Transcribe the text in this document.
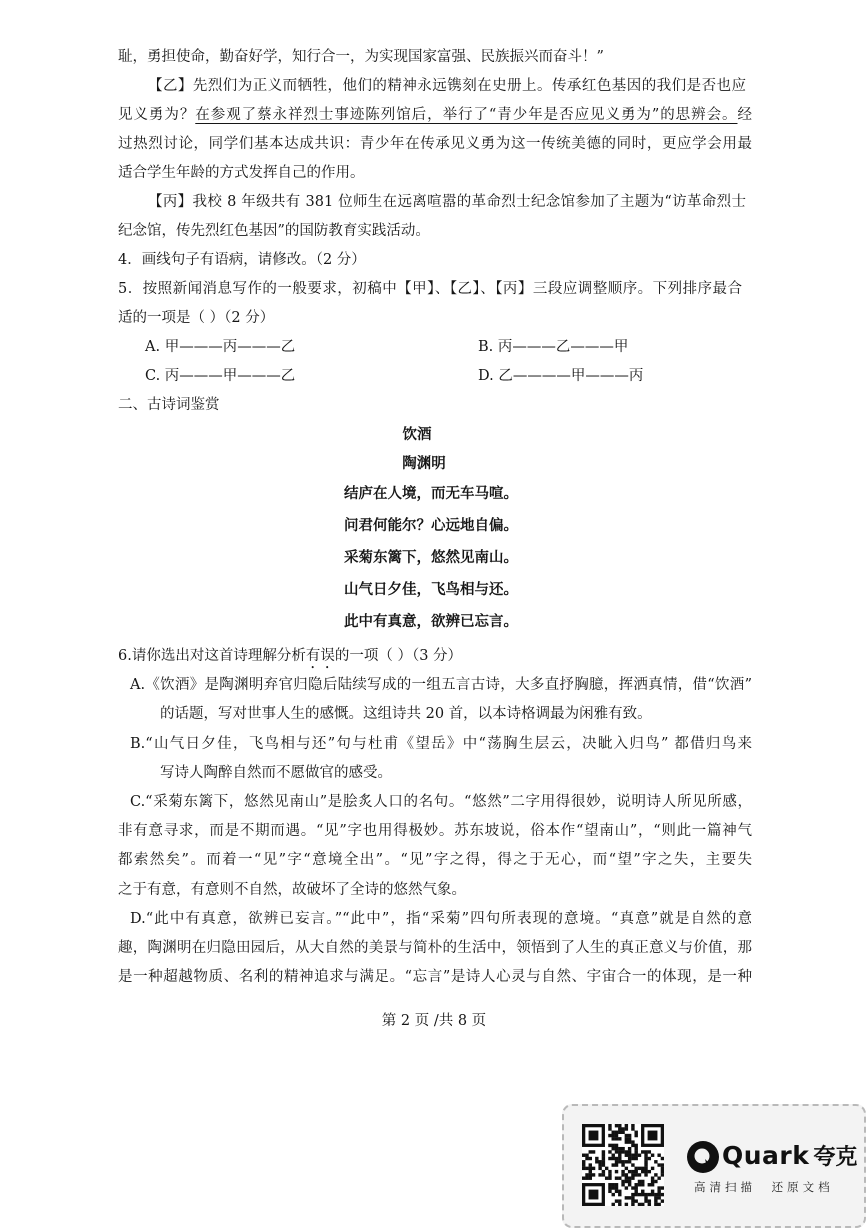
耻，勇担使命，勤奋好学，知行合一，为实现国家富强、民族振兴而奋斗！”
【乙】先烈们为正义而牺牲，他们的精神永远镌刻在史册上。传承红色基因的我们是否也应
见义勇为？在参观了蔡永祥烈士事迹陈列馆后，举行了“青少年是否应见义勇为”的思辨会。经
过热烈讨论，同学们基本达成共识：青少年在传承见义勇为这一传统美德的同时，更应学会用最
适合学生年龄的方式发挥自己的作用。
【丙】我校 8 年级共有 381 位师生在远离喧嚣的革命烈士纪念馆参加了主题为“访革命烈士
纪念馆，传先烈红色基因”的国防教育实践活动。
4．画线句子有语病，请修改。（2 分）
5．按照新闻消息写作的一般要求，初稿中【甲】、【乙】、【丙】三段应调整顺序。下列排序最合
适的一项是（ ）（2 分）
A. 甲———丙———乙	B. 丙———乙———甲
C. 丙———甲———乙	D. 乙————甲———丙
二、古诗词鉴赏
饮酒
陶渊明
结庐在人境，而无车马喧。
问君何能尔？心远地自偏。
采菊东篱下，悠然见南山。
山气日夕佳，飞鸟相与还。
此中有真意，欲辨已忘言。
6.请你选出对这首诗理解分析有误的一项（ ）（3 分）
A.《饮酒》是陶渊明弃官归隐后陆续写成的一组五言古诗，大多直抒胸臆，挥洒真情，借“饮酒”
的话题，写对世事人生的感慨。这组诗共 20 首，以本诗格调最为闲雅有致。
B.“山气日夕佳，飞鸟相与还”句与杜甫《望岳》中“荡胸生层云，决眦入归鸟” 都借归鸟来
写诗人陶醉自然而不愿做官的感受。
C.“采菊东篱下，悠然见南山”是脍炙人口的名句。“悠然”二字用得很妙，说明诗人所见所感，
非有意寻求，而是不期而遇。“见”字也用得极妙。苏东坡说，俗本作“望南山”，“则此一篇神气
都索然矣”。而着一“见”字“意境全出”。“见”字之得，得之于无心，而“望”字之失，主要失
之于有意，有意则不自然，故破坏了全诗的悠然气象。
D.“此中有真意，欲辨已妄言。”“此中”，指“采菊”四句所表现的意境。“真意”就是自然的意
趣，陶渊明在归隐田园后，从大自然的美景与简朴的生活中，领悟到了人生的真正意义与价值，那
是一种超越物质、名利的精神追求与满足。“忘言”是诗人心灵与自然、宇宙合一的体现，是一种
第 2 页 /共 8 页
Quark 夸克
高清扫描 还原文档
